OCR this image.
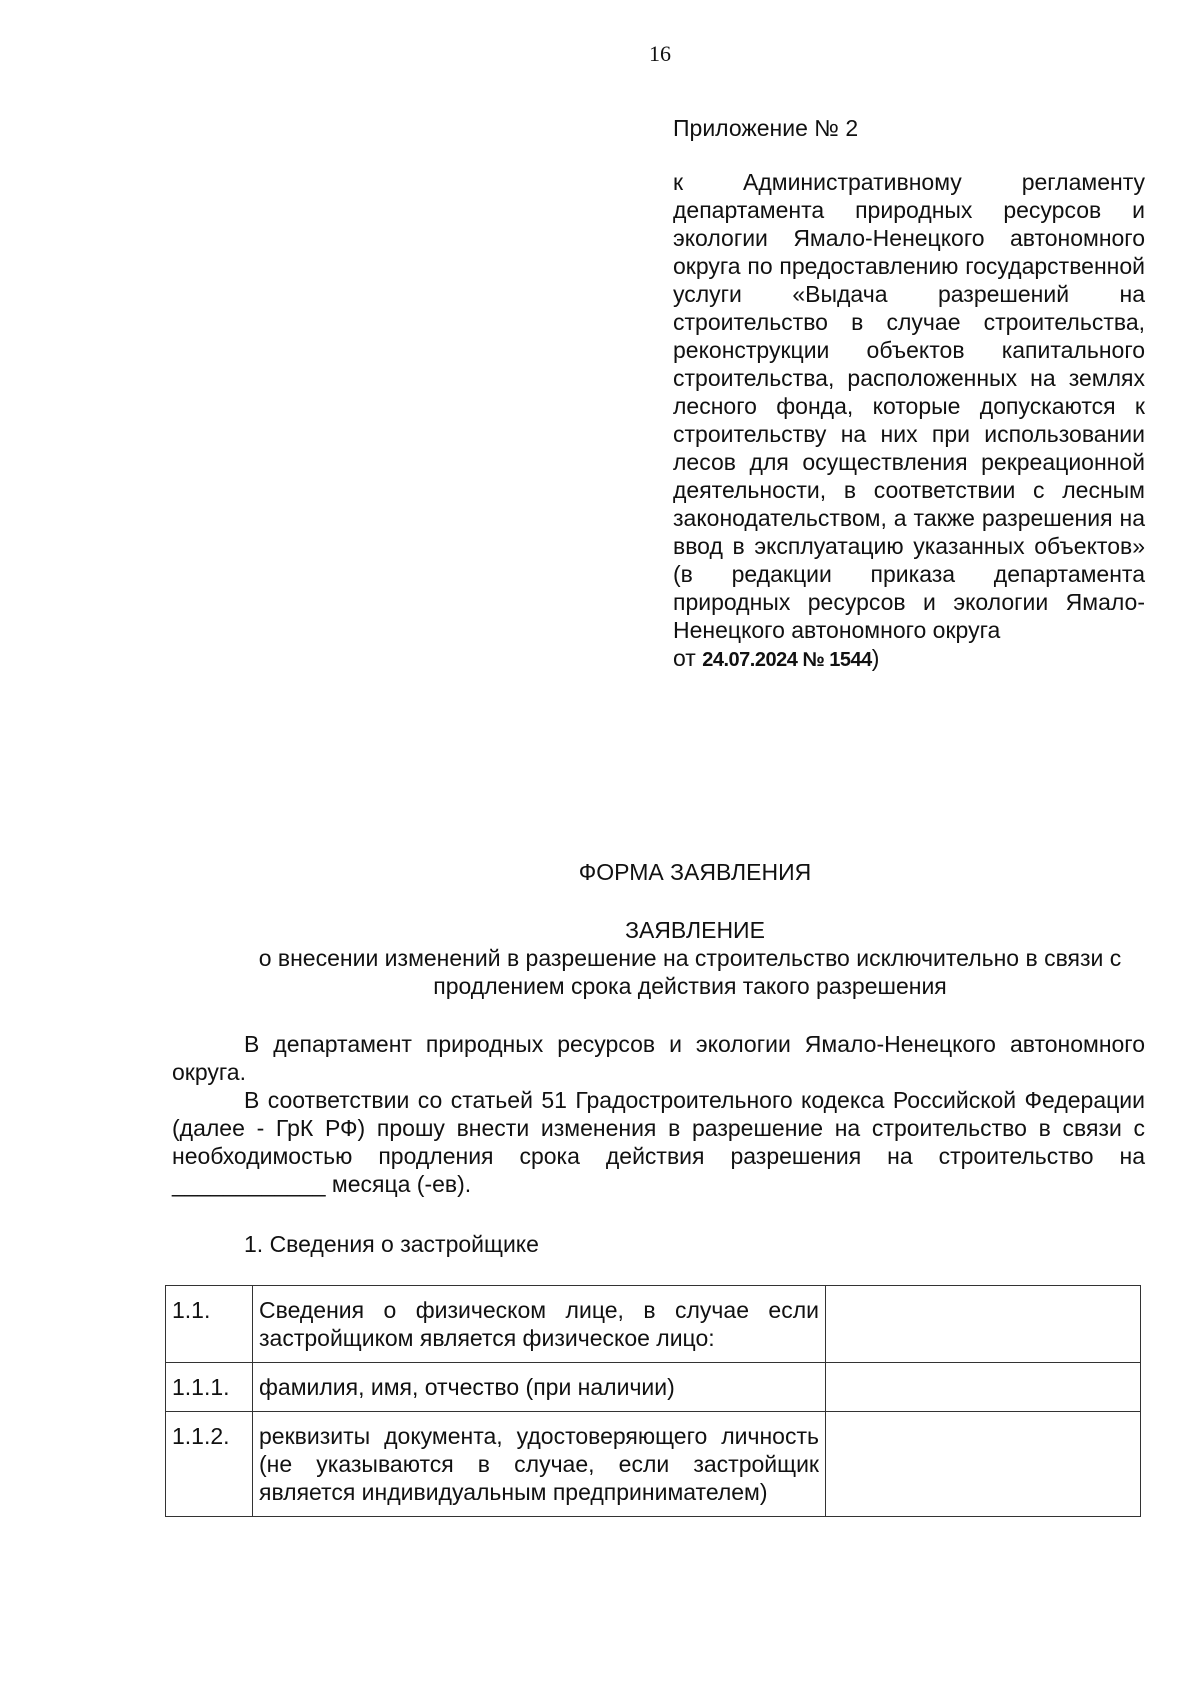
16

Приложение № 2

к Административному регламенту департамента природных ресурсов и экологии Ямало-Ненецкого автономного округа по предоставлению государственной услуги «Выдача разрешений на строительство в случае строительства, реконструкции объектов капитального строительства, расположенных на землях лесного фонда, которые допускаются к строительству на них при использовании лесов для осуществления рекреационной деятельности, в соответствии с лесным законодательством, а также разрешения на ввод в эксплуатацию указанных объектов» (в редакции приказа департамента природных ресурсов и экологии Ямало-Ненецкого автономного округа

от 24.07.2024 № 1544)

ФОРМА ЗАЯВЛЕНИЯ
ЗАЯВЛЕНИЕ
о внесении изменений в разрешение на строительство исключительно в связи с продлением срока действия такого разрешения

В департамент природных ресурсов и экологии Ямало-Ненецкого автономного округа.

В соответствии со статьей 51 Градостроительного кодекса Российской Федерации (далее - ГрК РФ) прошу внести изменения в разрешение на строительство в связи с необходимостью продления срока действия разрешения на строительство на ____________ месяца (-ев).

1. Сведения о застройщике
1.1.	Сведения о физическом лице, в случае если застройщиком является физическое лицо:	
1.1.1.	фамилия, имя, отчество (при наличии)	
1.1.2.	реквизиты документа, удостоверяющего личность (не указываются в случае, если застройщик является индивидуальным предпринимателем)	
